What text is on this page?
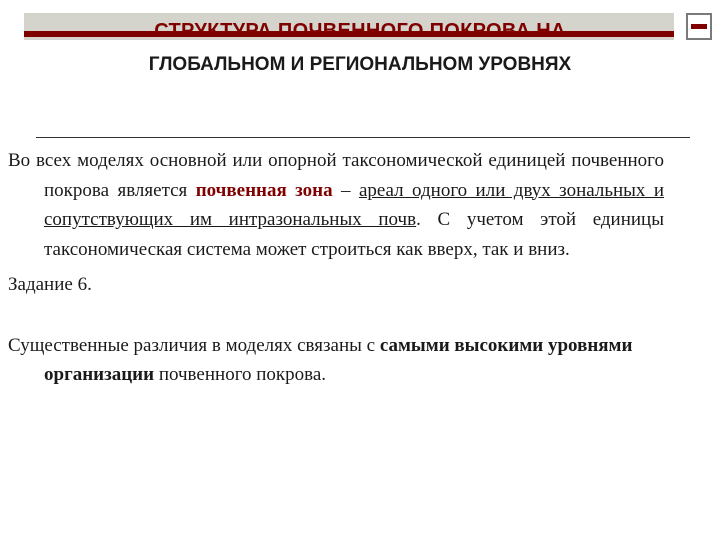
СТРУКТУРА ПОЧВЕННОГО ПОКРОВА НА
ГЛОБАЛЬНОМ И РЕГИОНАЛЬНОМ УРОВНЯХ

Во всех моделях основной или опорной таксономической единицей почвенного покрова является почвенная зона – ареал одного или двух зональных и сопутствующих им интразональных почв. С учетом этой единицы таксономическая система может строиться как вверх, так и вниз.

Задание 6.

Существенные различия в моделях связаны с самыми высокими уровнями организации почвенного покрова.
